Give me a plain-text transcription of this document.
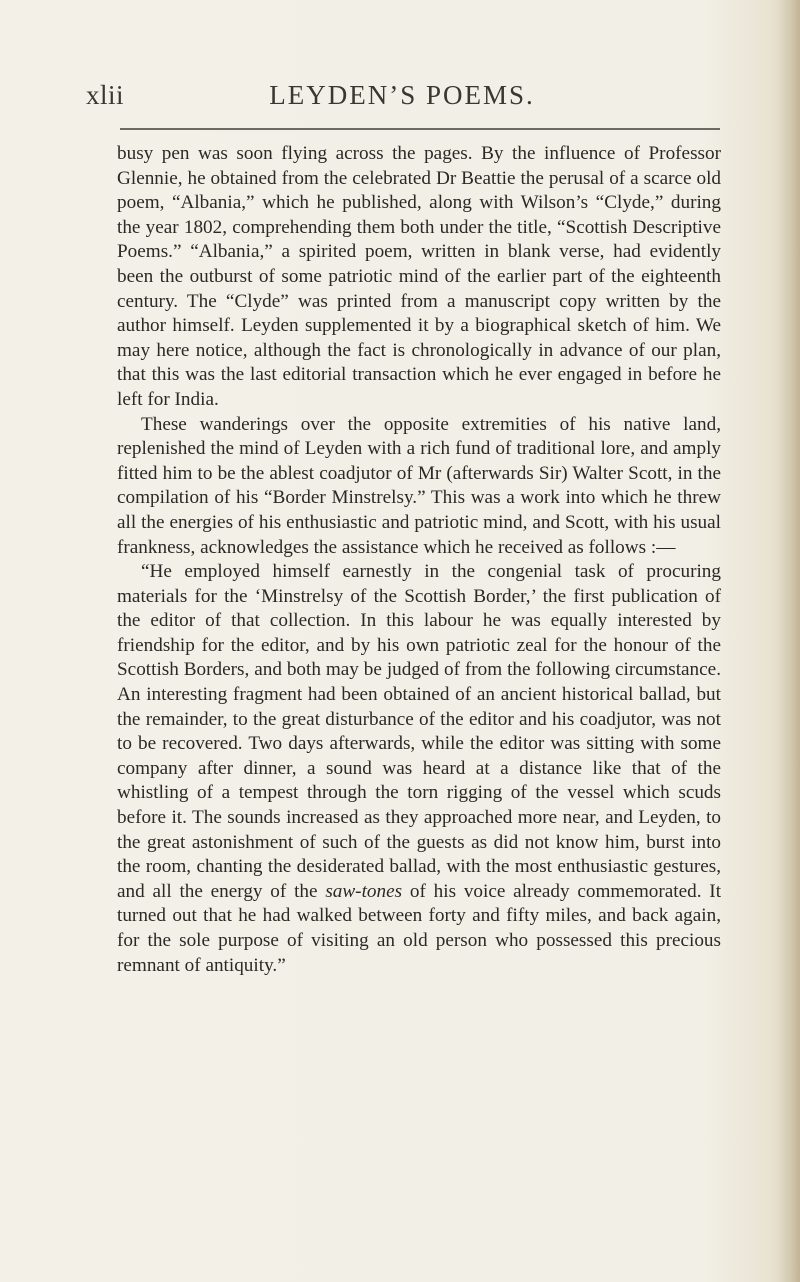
xlii	LEYDEN’S POEMS.

busy pen was soon flying across the pages. By the influence of Professor Glennie, he obtained from the celebrated Dr Beattie the perusal of a scarce old poem, “Albania,” which he published, along with Wilson’s “Clyde,” during the year 1802, comprehending them both under the title, “Scottish Descriptive Poems.” “Albania,” a spirited poem, written in blank verse, had evidently been the outburst of some patriotic mind of the earlier part of the eighteenth century. The “Clyde” was printed from a manuscript copy written by the author himself. Leyden supplemented it by a biographical sketch of him. We may here notice, although the fact is chronologically in advance of our plan, that this was the last editorial transaction which he ever engaged in before he left for India.

These wanderings over the opposite extremities of his native land, replenished the mind of Leyden with a rich fund of traditional lore, and amply fitted him to be the ablest coadjutor of Mr (afterwards Sir) Walter Scott, in the compilation of his “Border Minstrelsy.” This was a work into which he threw all the energies of his enthusiastic and patriotic mind, and Scott, with his usual frankness, acknowledges the assistance which he received as follows :—

“He employed himself earnestly in the congenial task of procuring materials for the ‘Minstrelsy of the Scottish Border,’ the first publication of the editor of that collection. In this labour he was equally interested by friendship for the editor, and by his own patriotic zeal for the honour of the Scottish Borders, and both may be judged of from the following circumstance. An interesting fragment had been obtained of an ancient historical ballad, but the remainder, to the great disturbance of the editor and his coadjutor, was not to be recovered. Two days afterwards, while the editor was sitting with some company after dinner, a sound was heard at a distance like that of the whistling of a tempest through the torn rigging of the vessel which scuds before it. The sounds increased as they approached more near, and Leyden, to the great astonishment of such of the guests as did not know him, burst into the room, chanting the desiderated ballad, with the most enthusiastic gestures, and all the energy of the saw-tones of his voice already commemorated. It turned out that he had walked between forty and fifty miles, and back again, for the sole purpose of visiting an old person who possessed this precious remnant of antiquity.”
